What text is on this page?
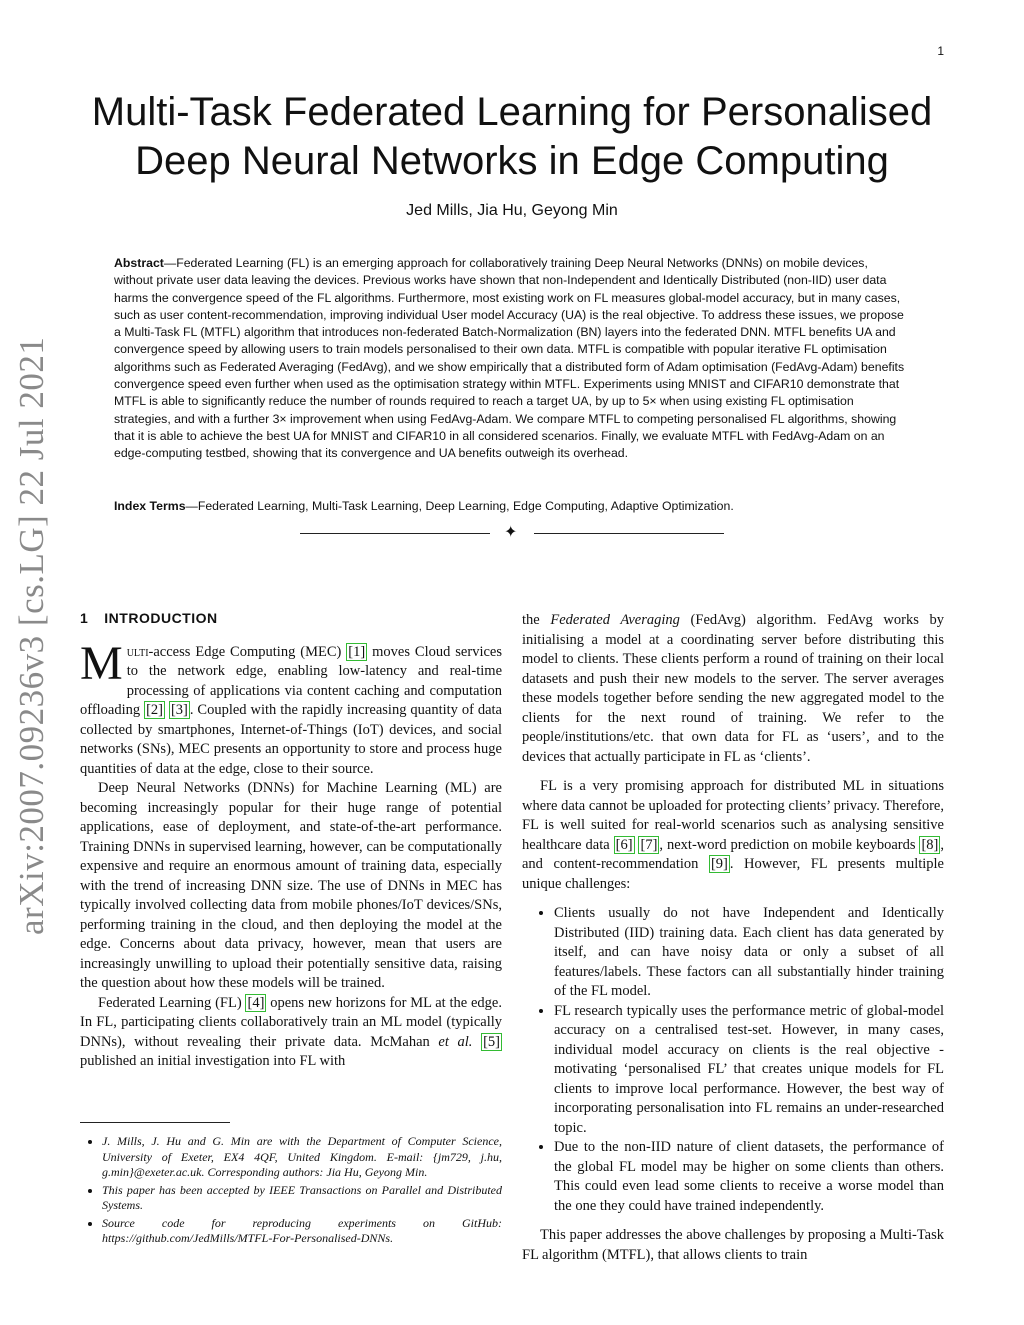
1
arXiv:2007.09236v3 [cs.LG] 22 Jul 2021
Multi-Task Federated Learning for Personalised
Deep Neural Networks in Edge Computing
Jed Mills, Jia Hu, Geyong Min
Abstract—Federated Learning (FL) is an emerging approach for collaboratively training Deep Neural Networks (DNNs) on mobile devices, without private user data leaving the devices. Previous works have shown that non-Independent and Identically Distributed (non-IID) user data harms the convergence speed of the FL algorithms. Furthermore, most existing work on FL measures global-model accuracy, but in many cases, such as user content-recommendation, improving individual User model Accuracy (UA) is the real objective. To address these issues, we propose a Multi-Task FL (MTFL) algorithm that introduces non-federated Batch-Normalization (BN) layers into the federated DNN. MTFL benefits UA and convergence speed by allowing users to train models personalised to their own data. MTFL is compatible with popular iterative FL optimisation algorithms such as Federated Averaging (FedAvg), and we show empirically that a distributed form of Adam optimisation (FedAvg-Adam) benefits convergence speed even further when used as the optimisation strategy within MTFL. Experiments using MNIST and CIFAR10 demonstrate that MTFL is able to significantly reduce the number of rounds required to reach a target UA, by up to 5× when using existing FL optimisation strategies, and with a further 3× improvement when using FedAvg-Adam. We compare MTFL to competing personalised FL algorithms, showing that it is able to achieve the best UA for MNIST and CIFAR10 in all considered scenarios. Finally, we evaluate MTFL with FedAvg-Adam on an edge-computing testbed, showing that its convergence and UA benefits outweigh its overhead.
Index Terms—Federated Learning, Multi-Task Learning, Deep Learning, Edge Computing, Adaptive Optimization.
✦
1 INTRODUCTION

Multi-access Edge Computing (MEC) [1] moves Cloud services to the network edge, enabling low-latency and real-time processing of applications via content caching and computation offloading [2] [3] . Coupled with the rapidly increasing quantity of data collected by smartphones, Internet-of-Things (IoT) devices, and social networks (SNs), MEC presents an opportunity to store and process huge quantities of data at the edge, close to their source.

Deep Neural Networks (DNNs) for Machine Learning (ML) are becoming increasingly popular for their huge range of potential applications, ease of deployment, and state-of-the-art performance. Training DNNs in supervised learning, however, can be computationally expensive and require an enormous amount of training data, especially with the trend of increasing DNN size. The use of DNNs in MEC has typically involved collecting data from mobile phones/IoT devices/SNs, performing training in the cloud, and then deploying the model at the edge. Concerns about data privacy, however, mean that users are increasingly unwilling to upload their potentially sensitive data, raising the question about how these models will be trained.

Federated Learning (FL) [4] opens new horizons for ML at the edge. In FL, participating clients collaboratively train an ML model (typically DNNs), without revealing their private data. McMahan et al. [5] published an initial investigation into FL with

• J. Mills, J. Hu and G. Min are with the Department of Computer Science, University of Exeter, EX4 4QF, United Kingdom. E-mail: {jm729, j.hu, g.min}@exeter.ac.uk. Corresponding authors: Jia Hu, Geyong Min.
• This paper has been accepted by IEEE Transactions on Parallel and Distributed Systems.
• Source code for reproducing experiments on GitHub: https://github.com/JedMills/MTFL-For-Personalised-DNNs.

the Federated Averaging (FedAvg) algorithm. FedAvg works by initialising a model at a coordinating server before distributing this model to clients. These clients perform a round of training on their local datasets and push their new models to the server. The server averages these models together before sending the new aggregated model to the clients for the next round of training. We refer to the people/institutions/etc. that own data for FL as ‘users’, and to the devices that actually participate in FL as ‘clients’.

FL is a very promising approach for distributed ML in situations where data cannot be uploaded for protecting clients’ privacy. Therefore, FL is well suited for real-world scenarios such as analysing sensitive healthcare data [6] [7] , next-word prediction on mobile keyboards [8] , and content-recommendation [9] . However, FL presents multiple unique challenges:

• Clients usually do not have Independent and Identically Distributed (IID) training data. Each client has data generated by itself, and can have noisy data or only a subset of all features/labels. These factors can all substantially hinder training of the FL model.
• FL research typically uses the performance metric of global-model accuracy on a centralised test-set. However, in many cases, individual model accuracy on clients is the real objective - motivating ‘personalised FL’ that creates unique models for FL clients to improve local performance. However, the best way of incorporating personalisation into FL remains an under-researched topic.
• Due to the non-IID nature of client datasets, the performance of the global FL model may be higher on some clients than others. This could even lead some clients to receive a worse model than the one they could have trained independently.

This paper addresses the above challenges by proposing a Multi-Task FL algorithm (MTFL), that allows clients to train
